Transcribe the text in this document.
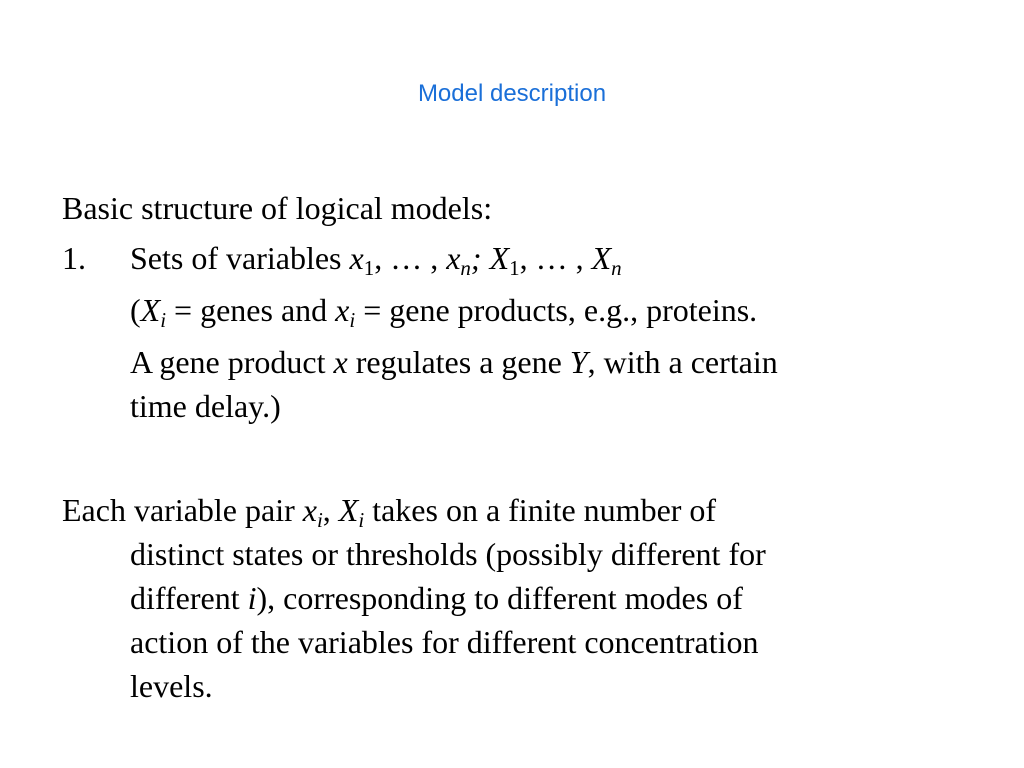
Model description
Basic structure of logical models:
1. Sets of variables $x_1$, … , $x_n$; $X_1$, … , $X_n$
($X_i$ = genes and $x_i$ = gene products, e.g., proteins.
A gene product x regulates a gene Y, with a certain
time delay.)
Each variable pair $x_i$, $X_i$ takes on a finite number of
distinct states or thresholds (possibly different for
different i), corresponding to different modes of
action of the variables for different concentration
levels.
